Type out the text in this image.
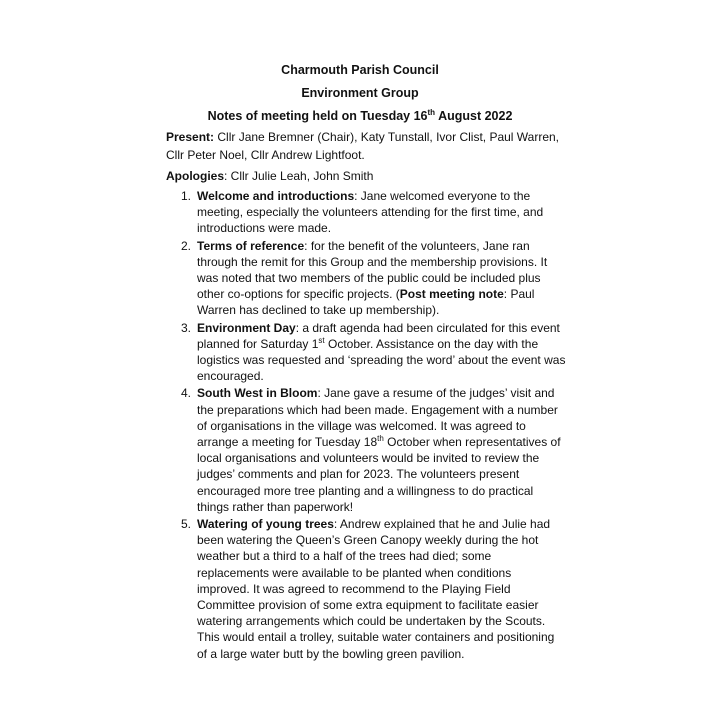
Charmouth Parish Council
Environment Group
Notes of meeting held on Tuesday 16th August 2022
Present: Cllr Jane Bremner (Chair), Katy Tunstall, Ivor Clist, Paul Warren, Cllr Peter Noel, Cllr Andrew Lightfoot.
Apologies: Cllr Julie Leah, John Smith
1. Welcome and introductions: Jane welcomed everyone to the meeting, especially the volunteers attending for the first time, and introductions were made.
2. Terms of reference: for the benefit of the volunteers, Jane ran through the remit for this Group and the membership provisions. It was noted that two members of the public could be included plus other co-options for specific projects. (Post meeting note: Paul Warren has declined to take up membership).
3. Environment Day: a draft agenda had been circulated for this event planned for Saturday 1st October. Assistance on the day with the logistics was requested and ‘spreading the word’ about the event was encouraged.
4. South West in Bloom: Jane gave a resume of the judges’ visit and the preparations which had been made. Engagement with a number of organisations in the village was welcomed. It was agreed to arrange a meeting for Tuesday 18th October when representatives of local organisations and volunteers would be invited to review the judges’ comments and plan for 2023. The volunteers present encouraged more tree planting and a willingness to do practical things rather than paperwork!
5. Watering of young trees: Andrew explained that he and Julie had been watering the Queen’s Green Canopy weekly during the hot weather but a third to a half of the trees had died; some replacements were available to be planted when conditions improved. It was agreed to recommend to the Playing Field Committee provision of some extra equipment to facilitate easier watering arrangements which could be undertaken by the Scouts. This would entail a trolley, suitable water containers and positioning of a large water butt by the bowling green pavilion.
